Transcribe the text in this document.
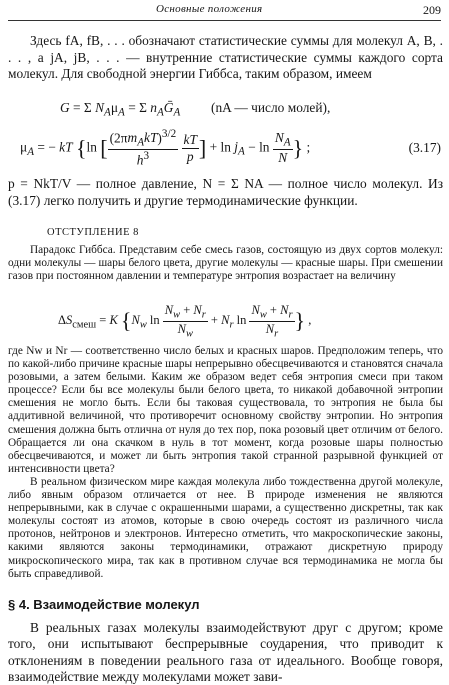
Основные положения	209
Здесь fA, fB, . . . обозначают статистические суммы для молекул A, B, . . . , а jA, jB, . . . — внутренние статистические суммы каждого сорта молекул. Для свободной энергии Гиббса, таким образом, имеем
G = Σ $N_A\mu_A = \Sigma$ $n_AḠ_A$ (nA — число молей),
$\mu_A$ = − kT {ln [ $\frac{(2\pi m_AkT)^{3/2}}{h^3}$
$\frac{kT}{p}$ ] + $\ln j_A - \ln \frac{N_A}{N}$ } ;	(3.17)
p = NkT/V — полное давление, N = Σ NA — полное число молекул. Из (3.17) легко получить и другие термодинамические функции.
ОТСТУПЛЕНИЕ 8
Парадокс Гиббса. Представим себе смесь газов, состоящую из двух сортов молекул: одни молекулы — шары белого цвета, другие молекулы — красные шары. При смешении газов при постоянном давлении и температуре энтропия возрастает на величину
$\Delta S_{смеш} = K$ {$N_w$ $\ln \frac{N_w + N_r}{N_w} + N_r$ $\ln \frac{N_w + N_r}{N_r}$ } ,
где Nw и Nr — соответственно число белых и красных шаров. Предположим теперь, что по какой-либо причине красные шары непрерывно обесцвечиваются и становятся сначала розовыми, а затем белыми. Каким же образом ведет себя энтропия смеси при таком процессе? Если бы все молекулы были белого цвета, то никакой добавочной энтропии смешения не могло быть. Если бы таковая существовала, то энтропия не была бы аддитивной величиной, что противоречит основному свойству энтропии. Но энтропия смешения должна быть отлична от нуля до тех пор, пока розовый цвет отличим от белого. Обращается ли она скачком в нуль в тот момент, когда розовые шары полностью обесцвечиваются, и может ли быть энтропия такой странной разрывной функцией от интенсивности цвета?
В реальном физическом мире каждая молекула либо тождественна другой молекуле, либо явным образом отличается от нее. В природе изменения не являются непрерывными, как в случае с окрашенными шарами, а существенно дискретны, так как молекулы состоят из атомов, которые в свою очередь состоят из различного числа протонов, нейтронов и электронов. Интересно отметить, что макроскопические законы, какими являются законы термодинамики, отражают дискретную природу микроскопического мира, так как в противном случае вся термодинамика не могла бы быть справедливой.
§ 4. Взаимодействие молекул
В реальных газах молекулы взаимодействуют друг с другом; кроме того, они испытывают беспрерывные соударения, что приводит к отклонениям в поведении реального газа от идеального. Вообще говоря, взаимодействие между молекулами может зави-
